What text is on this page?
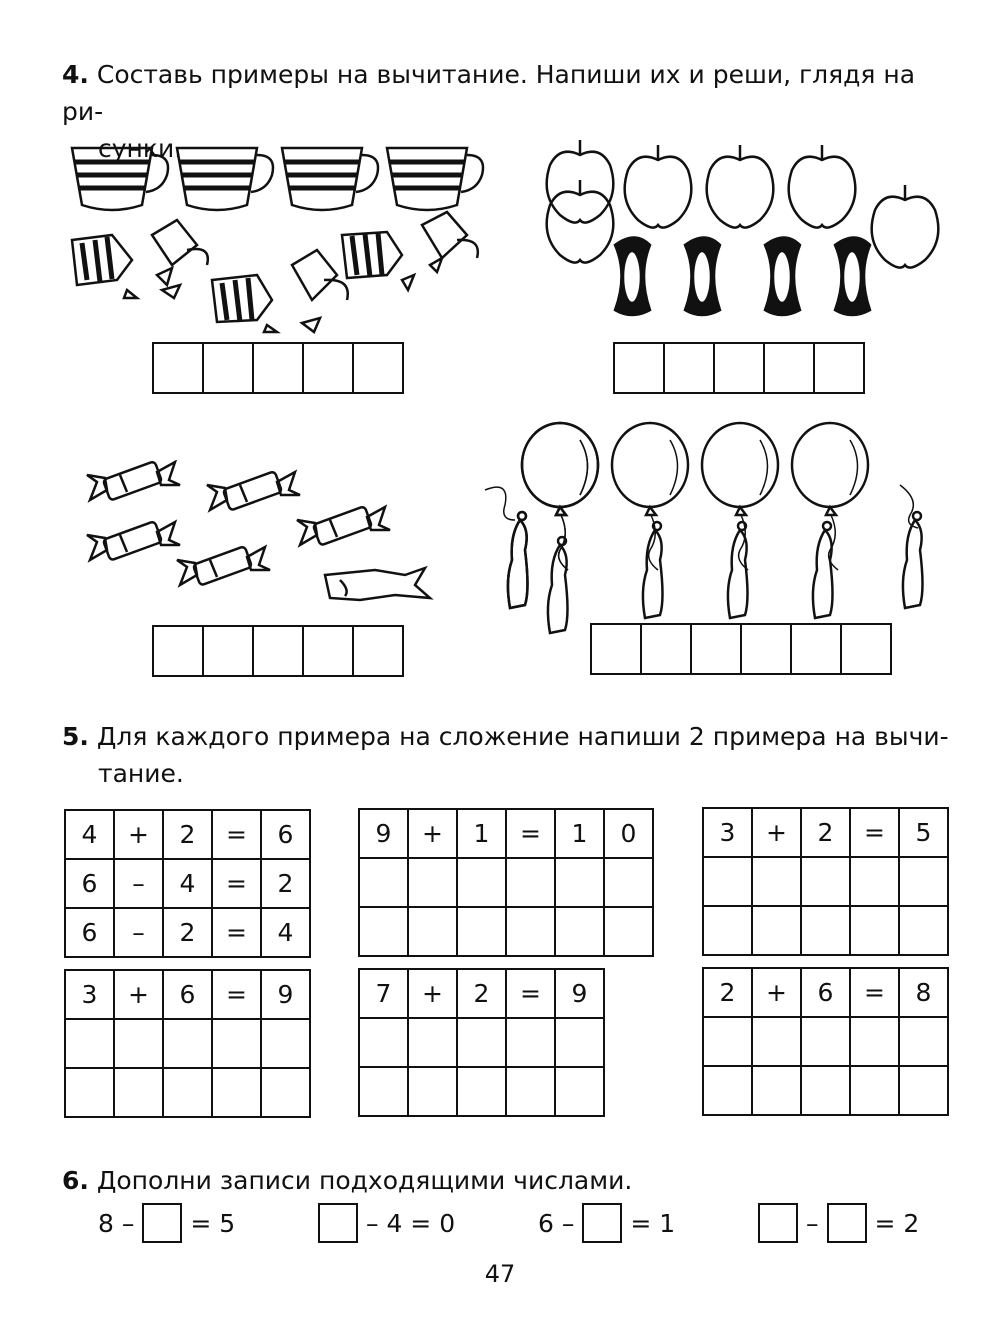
4. Составь примеры на вычитание. Напиши их и реши, глядя на ри-
сунки.
5. Для каждого примера на сложение напиши 2 примера на вычи-
тание.
4	+	2	=	6
6	–	4	=	2
6	–	2	=	4
9	+	1	=	1	0

						3	+	2	=	5

3	+	6	=	9

					7	+	2	=	9

					2	+	6	=	8

6. Дополни записи подходящими числами.
8 – = 5	– 4 = 0	6 – = 1	– = 2
47
